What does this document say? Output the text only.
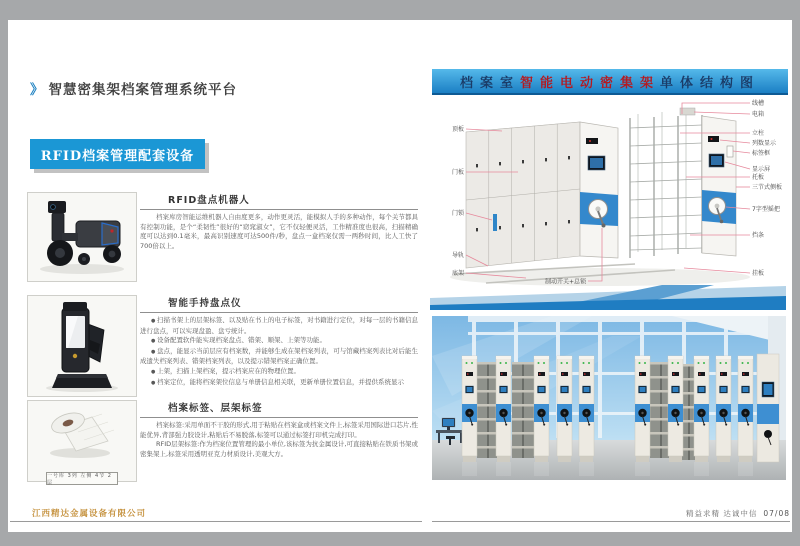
》 智慧密集架档案管理系统平台
RFID档案管理配套设备
RFID盘点机器人

档案库房智能运维机器人自由度更多，动作更灵活，能模拟人手的多种动作，每个关节都具有控制功能，是个“柔韧性”很好的“窈窕淑女”，它不仅轻便灵活，工作精准度也很高，扫描精确度可以达到0.1毫米，最高识别速度可达500件/秒，盘点一盒档案仅需一两秒时间，比人工快了700倍以上。

智能手持盘点仪

● 扫描书架上的层架标签、以及贴在书上的电子标签，对书籍进行定位，对每一层的书籍信息进行盘点，可以实现盘盈、盘亏统计。

● 设备配置软件能实现档案盘点、错架、顺架、上架等功能。

● 盘点，能显示当前层应有档案数，并能够生成在架档案列表，可与馆藏档案列表比对后能生成遗失档案列表、错架档案列表，以及提示错架档案正确位置。

● 上架，扫描上架档案，提示档案应在的物理位置。

● 档案定位，能将档案架位信息与单册信息相关联，更新单册位置信息，并提供系统显示

一号库 3列 左侧 4节 2层
档案标签、层架标签

档案标签:采用单面不干胶的形式,用于粘贴在档案盒或档案文件上,标签采用国际进口芯片,性能优异,背部强力胶设计,粘贴后不易脱落,标签可以通过标签打印机完成打印。

RFID层架标签:作为档案位置管理的最小单位,该标签为抗金属设计,可直接粘贴在铁质书架或密集架上,标签采用透明亚克力材质设计,美观大方。

江西精达金属设备有限公司
档案室 智能电动密集架 单体结构图
顶板
门板
门锁
导轨
底架
制动开关+总锁
线槽
电箱
立柱
列数显示
标签框
显示屏
托板
三节式侧板
7字型摇把
挡条
挂板
精益求精 达诚中信 07/08
